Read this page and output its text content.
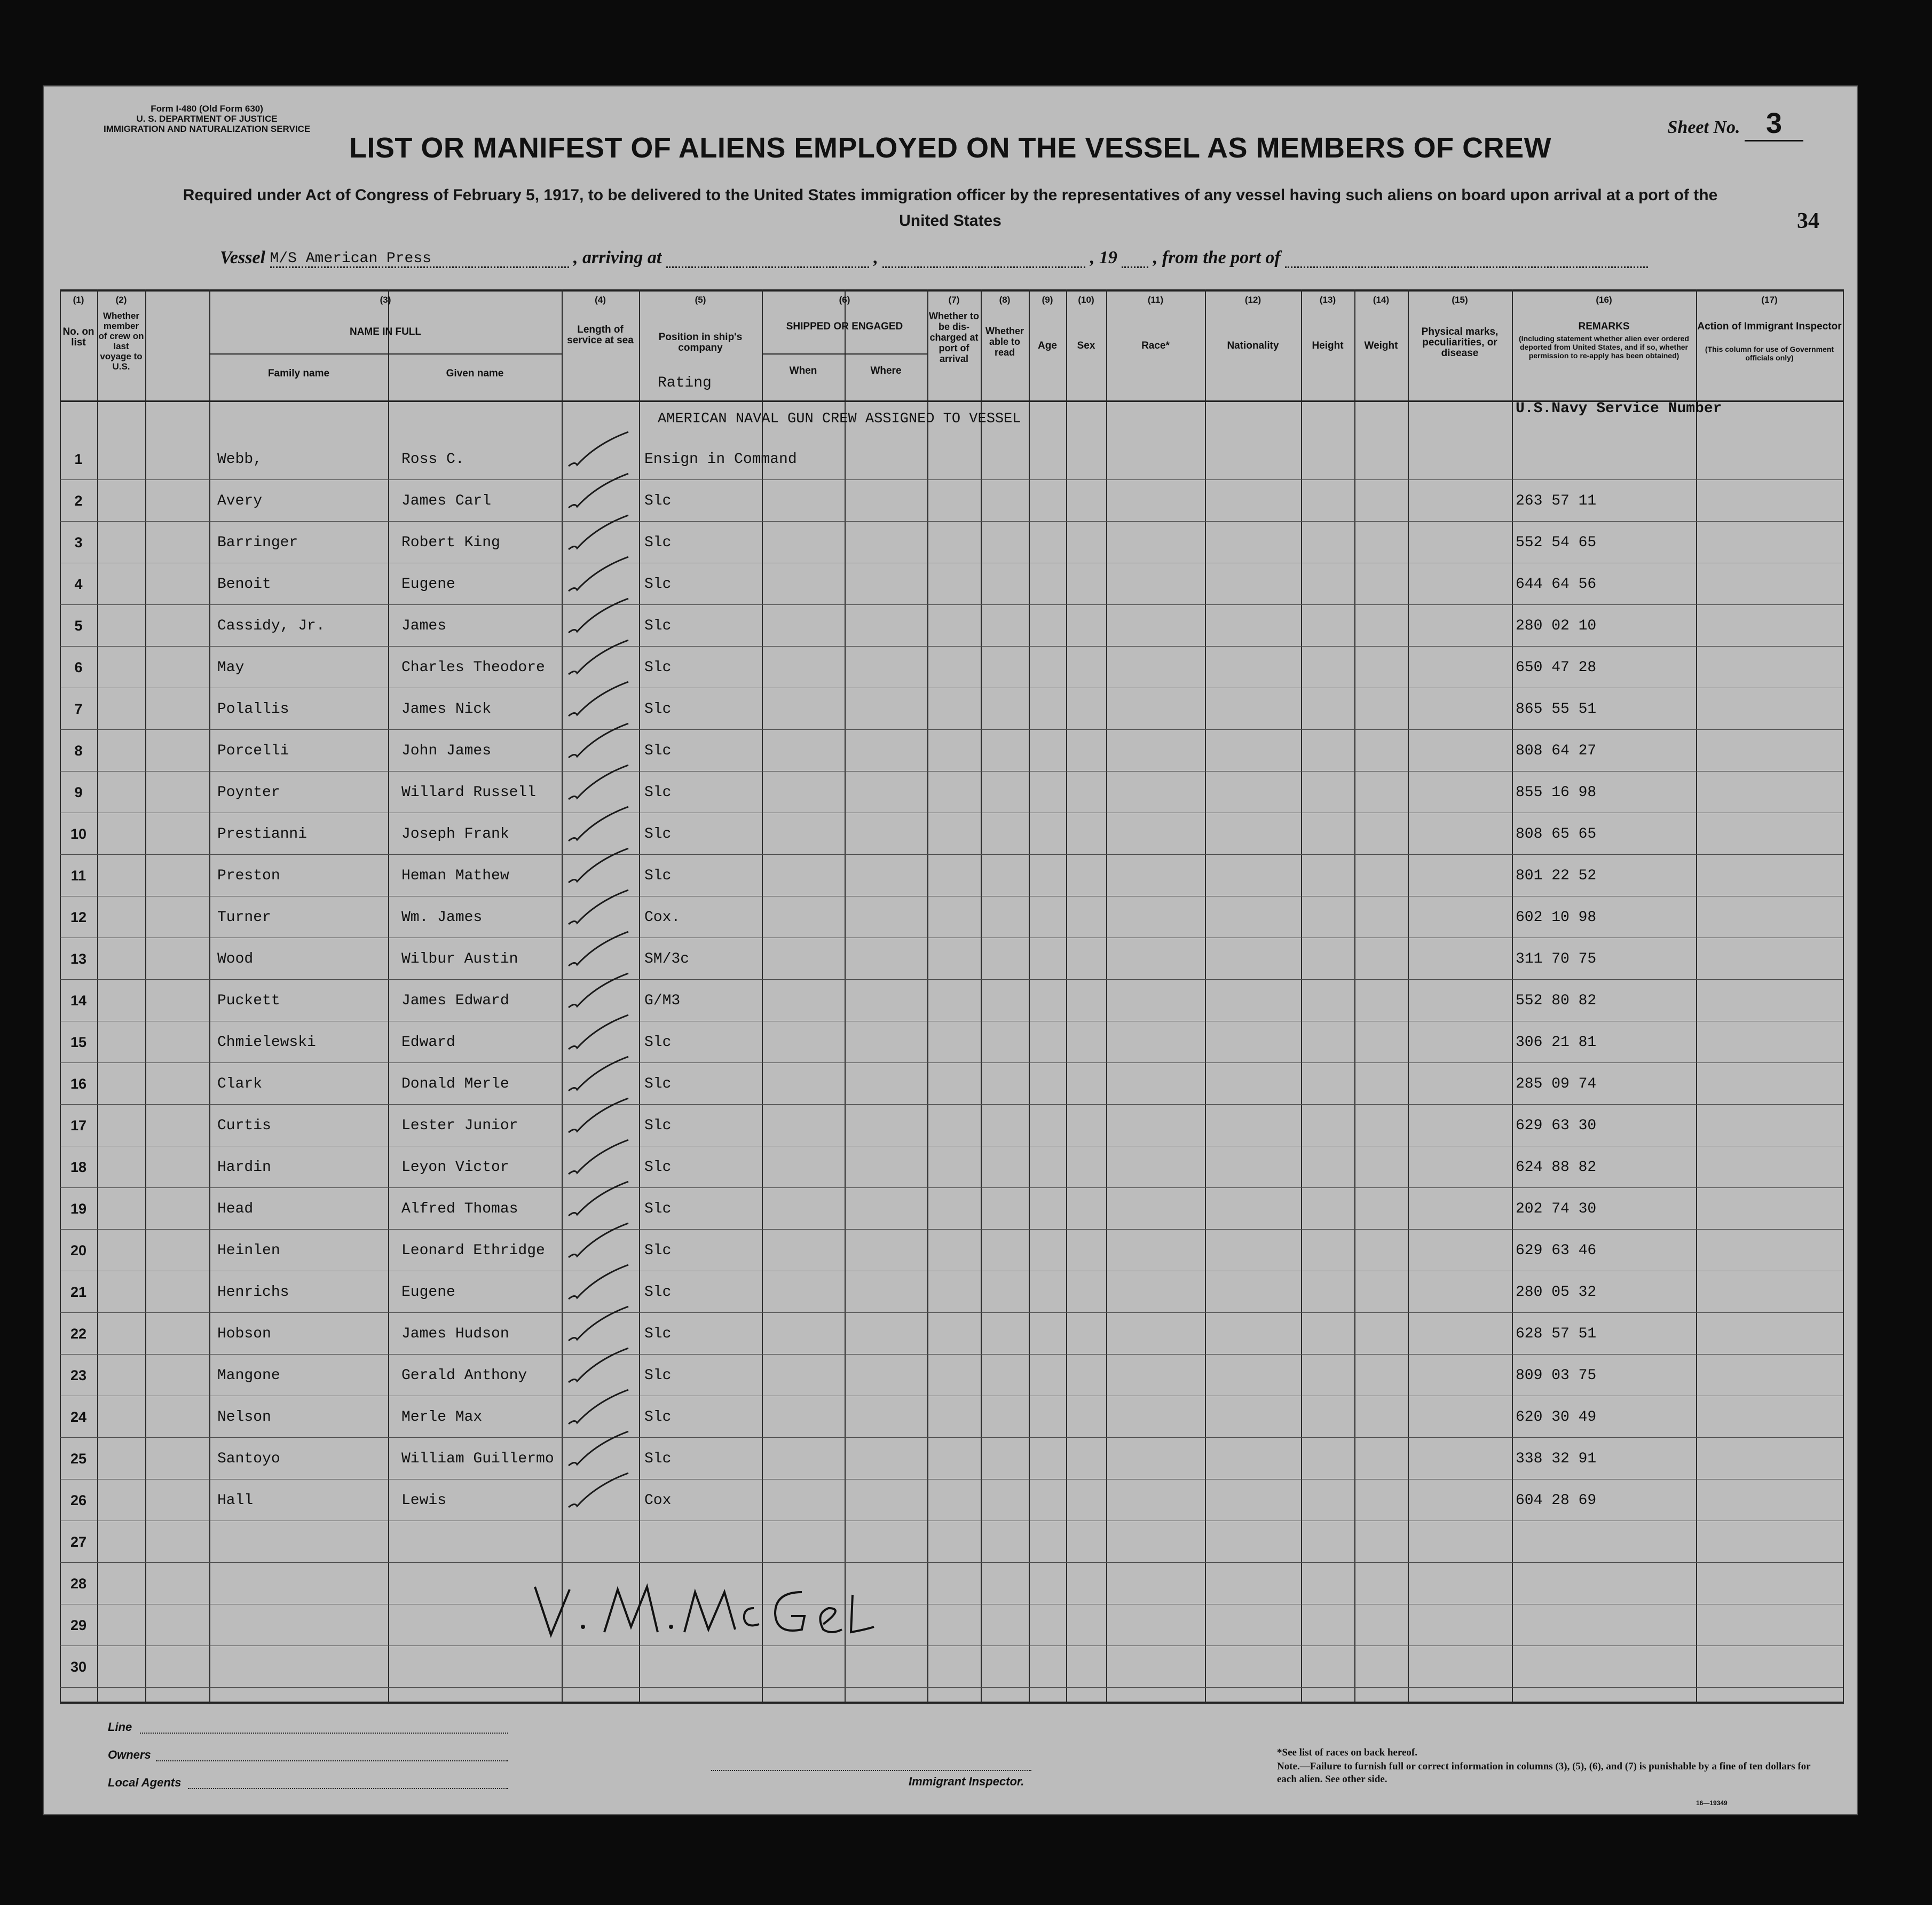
Form I-480 (Old Form 630)
U. S. DEPARTMENT OF JUSTICE
IMMIGRATION AND NATURALIZATION SERVICE	Sheet No. 3
LIST OR MANIFEST OF ALIENS EMPLOYED ON THE VESSEL AS MEMBERS OF CREW
Required under Act of Congress of February 5, 1917, to be delivered to the United States immigration officer by the representatives of any vessel having such aliens on board upon arrival at a port of the United States	34
Vessel M/S American Press	, arriving at	,	, 19 , from the port of
(1)	(2)	(3)	(4)	(5)	(6)	(7)	(8)	(9)	(10)	(11)	(12)	(13)	(14)	(15)	(16)	(17)
No. on list
Whether member of crew on last voyage to U.S.
NAME IN FULL
Family name	Given name
Length of service at sea	Position in ship's company
Rating
SHIPPED OR ENGAGED
When	Where
Whether to be dis-charged at port of arrival
Whether able to read
Age	Sex	Race*	Nationality	Height	Weight
Physical marks, peculiarities, or disease
REMARKS
(Including statement whether alien ever ordered deported from United States, and if so, whether permission to re-apply has been obtained)
U.S.Navy Service Number
Action of Immigrant Inspector
(This column for use of Government officials only)
AMERICAN NAVAL GUN CREW ASSIGNED TO VESSEL
1	Webb,	Ross C.	Ensign in Command
2	Avery	James Carl	Slc	263 57 11
3	Barringer	Robert King	Slc	552 54 65
4	Benoit	Eugene	Slc	644 64 56
5	Cassidy, Jr.	James	Slc	280 02 10
6	May	Charles Theodore	Slc	650 47 28
7	Polallis	James Nick	Slc	865 55 51
8	Porcelli	John James	Slc	808 64 27
9	Poynter	Willard Russell	Slc	855 16 98
10	Prestianni	Joseph Frank	Slc	808 65 65
11	Preston	Heman Mathew	Slc	801 22 52
12	Turner	Wm. James	Cox.	602 10 98
13	Wood	Wilbur Austin	SM/3c	311 70 75
14	Puckett	James Edward	G/M3	552 80 82
15	Chmielewski	Edward	Slc	306 21 81
16	Clark	Donald Merle	Slc	285 09 74
17	Curtis	Lester Junior	Slc	629 63 30
18	Hardin	Leyon Victor	Slc	624 88 82
19	Head	Alfred Thomas	Slc	202 74 30
20	Heinlen	Leonard Ethridge	Slc	629 63 46
21	Henrichs	Eugene	Slc	280 05 32
22	Hobson	James Hudson	Slc	628 57 51
23	Mangone	Gerald Anthony	Slc	809 03 75
24	Nelson	Merle Max	Slc	620 30 49
25	Santoyo	William Guillermo	Slc	338 32 91
26	Hall	Lewis	Cox	604 28 69
27
28
29
30
Line
Owners
Local Agents	Immigrant Inspector.
*See list of races on back hereof.
Note.—Failure to furnish full or correct information in columns (3), (5), (6), and (7) is punishable by a fine of ten dollars for each alien. See other side.
16—19349
